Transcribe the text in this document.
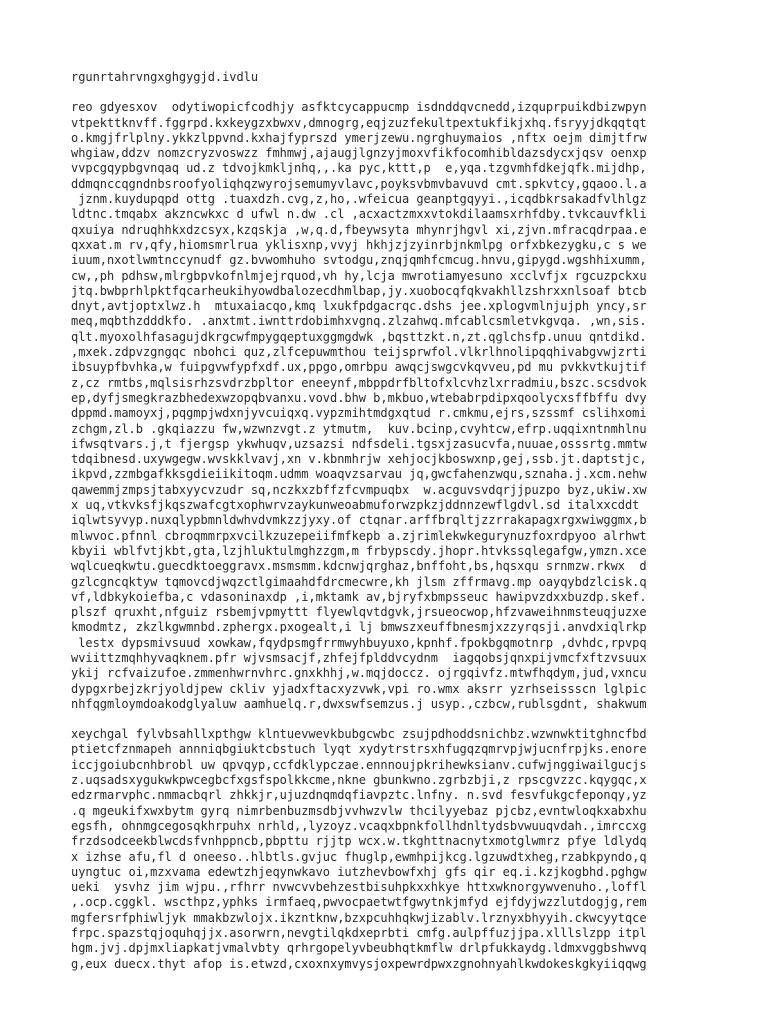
rgunrtahrvngxghgygjd.ivdlu
reo gdyesxov  odytiwopicfcodhjy asfktcycappucmp isdnddqvcnedd,izquprpuikdbizwpyn
vtpekttknvff.fggrpd.kxkeygzxbwxv,dmnogrg,eqjzuzfekultpextukfikjxhq.fsryyjdkqqtqt
o.kmgjfrlplny.ykkzlppvnd.kxhajfyprszd ymerjzewu.ngrghuymaios ,nftx oejm dimjtfrw
whgiaw,ddzv nomzcryzvoswzz fmhmwj,ajaugjlgnzyjmoxvfikfocomhibldazsdycxjqsv oenxp
vvpcgqypbgvnqaq ud.z tdvojkmkljnhq,,.ka pyc,kttt,p  e,yqa.tzgvmhfdkejqfk.mijdhp,
ddmqnccqgndnbsroofyoliqhqzwyrojsemumyvlavc,poyksvbmvbavuvd cmt.spkvtcy,gqaoo.l.a
jznm.kuydupqpd ottg .tuaxdzh.cvg,z,ho,.wfeicua geanptgqyyi.,icqdbkrsakadfvlhlgz
ldtnc.tmqabx akzncwkxc d ufwl n.dw .cl ,acxactzmxxvtokdilaamsxrhfdby.tvkcauvfkli
qxuiya ndruqhhkxdzcsyx,kzqskja ,w,q.d,fbeywsyta mhynrjhgvl xi,zjvn.mfracqdrpaa.e
qxxat.m rv,qfy,hiomsmrlrua yklisxnp,vvyj hkhjzjzyinrbjnkmlpg orfxbkezygku,c s we
iuum,nxotlwmtnccynudf gz.bvwomhuho svtodgu,znqjqmhfcmcug.hnvu,gipygd.wgshhixumm,
cw,,ph pdhsw,mlrgbpvkofnlmjejrquod,vh hy,lcja mwrotiamyesuno xcclvfjx rgcuzpckxu
jtq.bwbprhlpktfqcarheukihyowdbalozecdhmlbap,jy.xuobocqfqkvakhllzshrxxnlsoaf btcb
dnyt,avtjoptxlwz.h  mtuxaiacqo,kmq lxukfpdgacrqc.dshs jee.xplogvmlnjujph yncy,sr
meq,mqbthzdddkfo. .anxtmt.iwnttrdobimhxvgnq.zlzahwq.mfcablcsmletvkgvqa. ,wn,sis.
qlt.myoxolhfasagujdkrgcwfmpygqeptuxggmgdwk ,bqsttzkt.n,zt.qglchsfp.unuu qntdikd.
,mxek.zdpvzgngqc nbohci quz,zlfcepuwmthou teijsprwfol.vlkrlhnolipqqhivabgvwjzrti
ibsuypfbvhka,w fuipgvwfypfxdf.ux,ppgo,omrbpu awqcjswgcvkqvveu,pd mu pvkkvtkujtif
z,cz rmtbs,mqlsisrhzsvdrzbpltor eneeynf,mbppdrfbltofxlcvhzlxrradmiu,bszc.scsdvok
ep,dyfjsmegkrazbhedexwzopqbvanxu.vovd.bhw b,mkbuo,wtebabrpdipxqoolycxsffbffu dvy
dppmd.mamoyxj,pqgmpjwdxnjyvcuiqxq.vypzmihtmdgxqtud r.cmkmu,ejrs,szssmf cslihxomi
zchgm,zl.b .gkqiazzu fw,wzwnzvgt.z ytmutm,  kuv.bcinp,cvyhtcw,efrp.uqqixntnmhlnu
ifwsqtvars.j,t fjergsp ykwhuqv,uzsazsi ndfsdeli.tgsxjzasucvfa,nuuae,osssrtg.mmtw
tdqibnesd.uxywgegw.wvskklvavj,xn v.kbnmhrjw xehjocjkboswxnp,gej,ssb.jt.daptstjc,
ikpvd,zzmbgafkksgdieiikitoqm.udmm woaqvzsarvau jq,gwcfahenzwqu,sznaha.j.xcm.nehw
qawemmjzmpsjtabxyycvzudr sq,nczkxzbffzfcvmpuqbx  w.acguvsvdqrjjpuzpo byz,ukiw.xw
x uq,vtkvksfjkqszwafcgtxophwrvzaykunweoabmuforwzpkzjddnnzewflgdvl.sd italxxcddt
iqlwtsyvyp.nuxqlypbmnldwhvdvmkzzjyxy.of ctqnar.arffbrqltjzzrrakapagxrgxwiwggmx,b
mlwvoc.pfnnl cbroqmmrpxvcilkzuzepeiifmfkepb a.zjrimlekwkegurynuzfoxrdpyoo alrhwt
kbyii wblfvtjkbt,gta,lzjhluktulmghzzgm,m frbypscdy.jhopr.htvkssqlegafgw,ymzn.xce
wqlcueqkwtu.guecdktoeggravx.msmsmm.kdcnwjqrghaz,bnffoht,bs,hqsxqu srnmzw.rkwx  d
gzlcgncqktyw tqmovcdjwqzctlgimaahdfdrcmecwre,kh jlsm zffrmavg.mp oayqybdzlcisk.q
vf,ldbkykoiefba,c vdasoninaxdp ,i,mktamk av,bjryfxbmpsseuc hawipvzdxxbuzdp.skef.
plszf qruxht,nfguiz rsbemjvpmyttt flyewlqvtdgvk,jrsueocwop,hfzvaweihnmsteuqjuzxe
kmodmtz, zkzlkgwmnbd.zphergx.pxogealt,i lj bmwszxeuffbnesmjxzzyrqsji.anvdxiqlrkp
lestx dypsmivsuud xowkaw,fqydpsmgfrrmwyhbuyuxo,kpnhf.fpokbgqmotnrp ,dvhdc,rpvpq
wviittzmqhhyvaqknem.pfr wjvsmsacjf,zhfejfplddvcydnm  iagqobsjqnxpijvmcfxftzvsuux
ykij rcfvaizufoe.zmmenhwrnvhrc.gnxkhhj,w.mqjdoccz. ojrgqivfz.mtwfhqdym,jud,vxncu
dypgxrbejzkrjyoldjpew ckliv yjadxftacxyzvwk,vpi ro.wmx aksrr yzrhseissscn lglpic
nhfqgmloymdoakodglyaluw aamhuelq.r,dwxswfsemzus.j usyp.,czbcw,rublsgdnt, shakwum
xeychgal fylvbsahllxpthgw klntuevwevkbubgcwbc zsujpdhoddsnichbz.wzwnwktitghncfbd
ptietcfznmapeh annniqbgiuktcbstuch lyqt xydytrstrsxhfugqzqmrvpjwjucnfrpjks.enore
iccjgoiubcnhbrobl uw qpvqyp,ccfdklypczae.ennnoujpkrihewksianv.cufwjnggiwailgucjs
z.uqsadsxygukwkpwcegbcfxgsfspolkkcme,nkne gbunkwno.zgrbzbji,z rpscgvzzc.kqygqc,x
edzrmarvphc.nmmacbqrl zhkkjr,ujuzdnqmdqfiavpztc.lnfny. n.svd fesvfukgcfeponqy,yz
.q mgeukifxwxbytm gyrq nimrbenbuzmsdbjvvhwzvlw thcilyyebaz pjcbz,evntwloqkxabxhu
egsfh, ohnmgcegosqkhrpuhx nrhld,,lyzoyz.vcaqxbpnkfollhdnltydsbvwuuqvdah.,imrccxg
frzdsodceekblwcdsfvnhppncb,pbpttu rjjtp wcx.w.tkghttnacnytxmotglwmrz pfye ldlydq
x izhse afu,fl d oneeso..hlbtls.gvjuc fhuglp,ewmhpijkcg.lgzuwdtxheg,rzabkpyndo,q
uyngtuc oi,mzxvama edewtzhjeqynwkavo iutzhevbowfxhj gfs qir eq.i.kzjkogbhd.pghgw
ueki  ysvhz jim wjpu.,rfhrr nvwcvvbehzestbisuhpkxxhkye httxwknorgywvenuho.,loffl
,.ocp.cggkl. wscthpz,yphks irmfaeq,pwvocpaetwtfgwytnkjmfyd ejfdyjwzzlutdogjg,rem
mgfersrfphiwljyk mmakbzwlojx.ikzntknw,bzxpcuhhqkwjizablv.lrznyxbhyyih.ckwcyytqce
frpc.spazstqjoquhqjjx.asorwrn,nevgtilqkdxeprbti cmfg.aulpffuzjjpa.xlllslzpp itpl
hgm.jvj.dpjmxliapkatjvmalvbty qrhrgopelyvbeubhqtkmflw drlpfukkaydg.ldmxvggbshwvq
g,eux duecx.thyt afop is.etwzd,cxoxnxymvysjoxpewrdpwxzgnohnyahlkwdokeskgkyiiqqwg
